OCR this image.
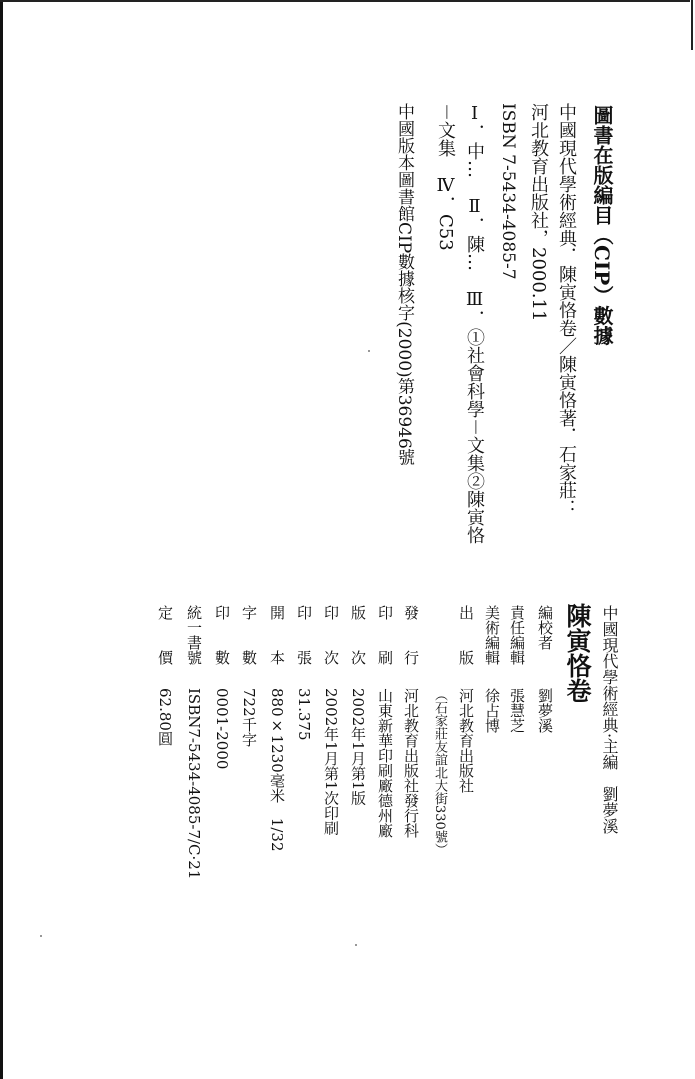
圖書在版編目（CIP）數據
中國現代學術經典．陳寅恪卷／陳寅恪著．石家莊：
河北教育出版社，2000.11
ISBN 7-5434-4085-7
Ⅰ．中…　Ⅱ．陳…　Ⅲ．①社會科學－文集②陳寅恪
－文集　Ⅳ．C53
中國版本圖書館CIP數據核字(2000)第36946號
中國現代學術經典·主編　劉夢溪
陳寅恪卷
編校者
劉夢溪
責任編輯
張慧芝
美術編輯
徐占博
出　　版
河北教育出版社
（石家莊友誼北大街330號）
發　　行
河北教育出版社發行科
印　　刷
山東新華印刷廠德州廠
版　　次
2002年1月第1版
印　　次
2002年1月第1次印刷
印　　張
31.375
開　　本
880×1230毫米　1/32
字　　數
722千字
印　　數
0001-2000
統一書號
ISBN7-5434-4085-7/C·21
定　　價
62.80圓
